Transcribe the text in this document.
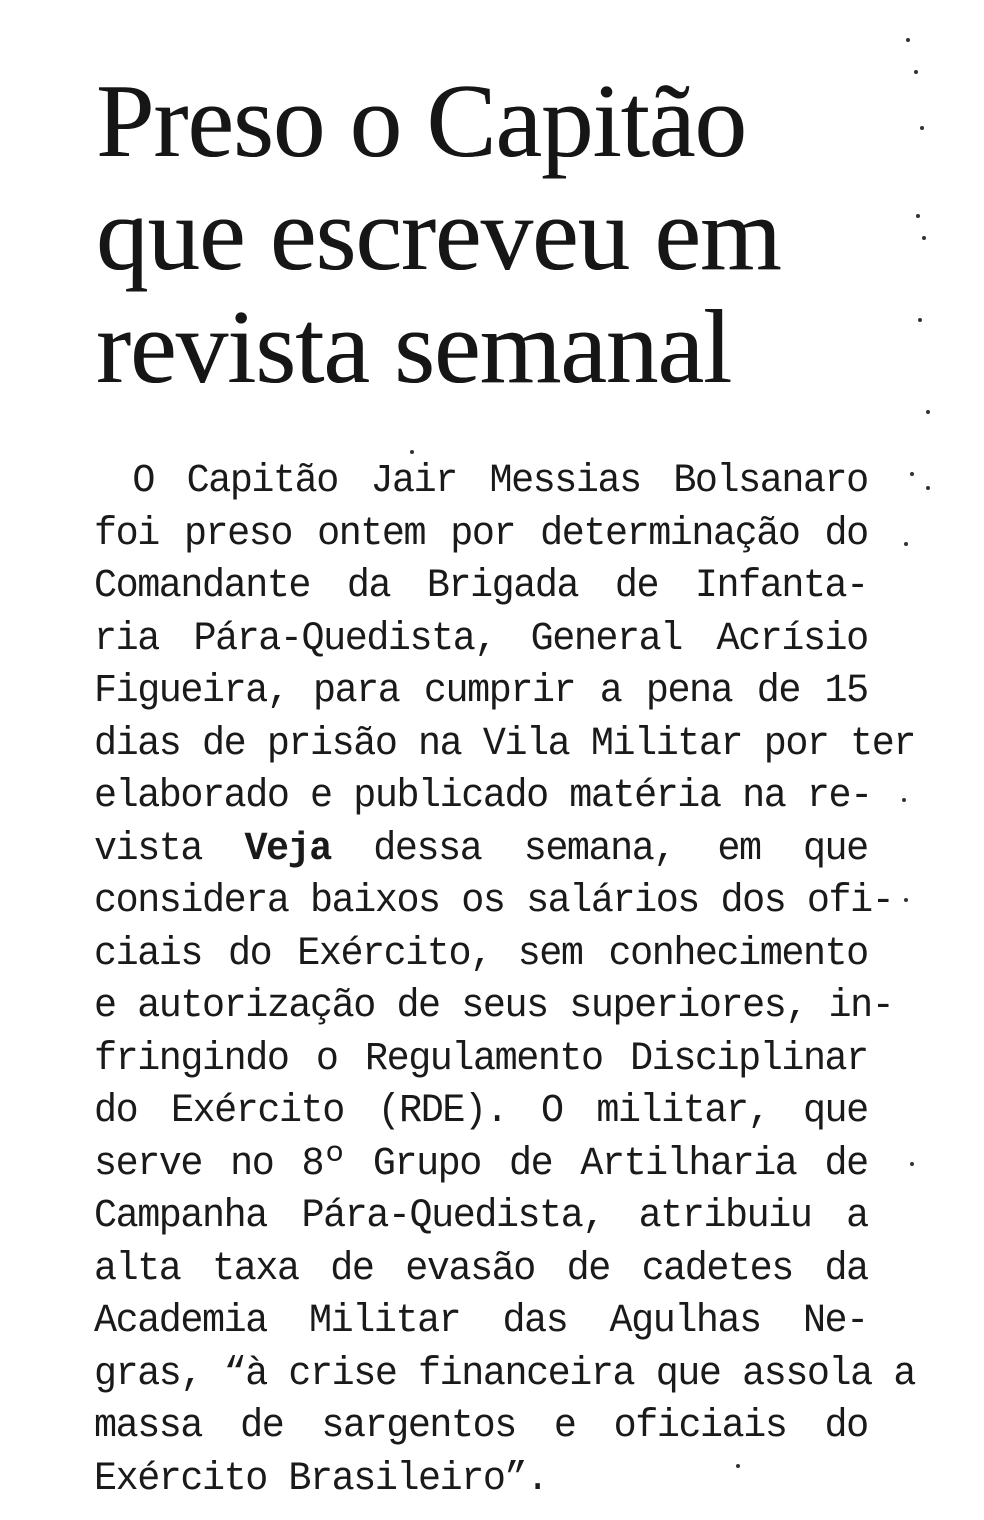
Preso o Capitão
que escreveu em
revista semanal
O Capitão Jair Messias Bolsanaro
foi preso ontem por determinação do
Comandante da Brigada de Infanta-
ria Pára-Quedista, General Acrísio
Figueira, para cumprir a pena de 15
dias de prisão na Vila Militar por ter
elaborado e publicado matéria na re-
vista Veja dessa semana, em que
considera baixos os salários dos ofi-
ciais do Exército, sem conhecimento
e autorização de seus superiores, in-
fringindo o Regulamento Disciplinar
do Exército (RDE). O militar, que
serve no 8º Grupo de Artilharia de
Campanha Pára-Quedista, atribuiu a
alta taxa de evasão de cadetes da
Academia Militar das Agulhas Ne-
gras, “à crise financeira que assola a
massa de sargentos e oficiais do
Exército Brasileiro”.
